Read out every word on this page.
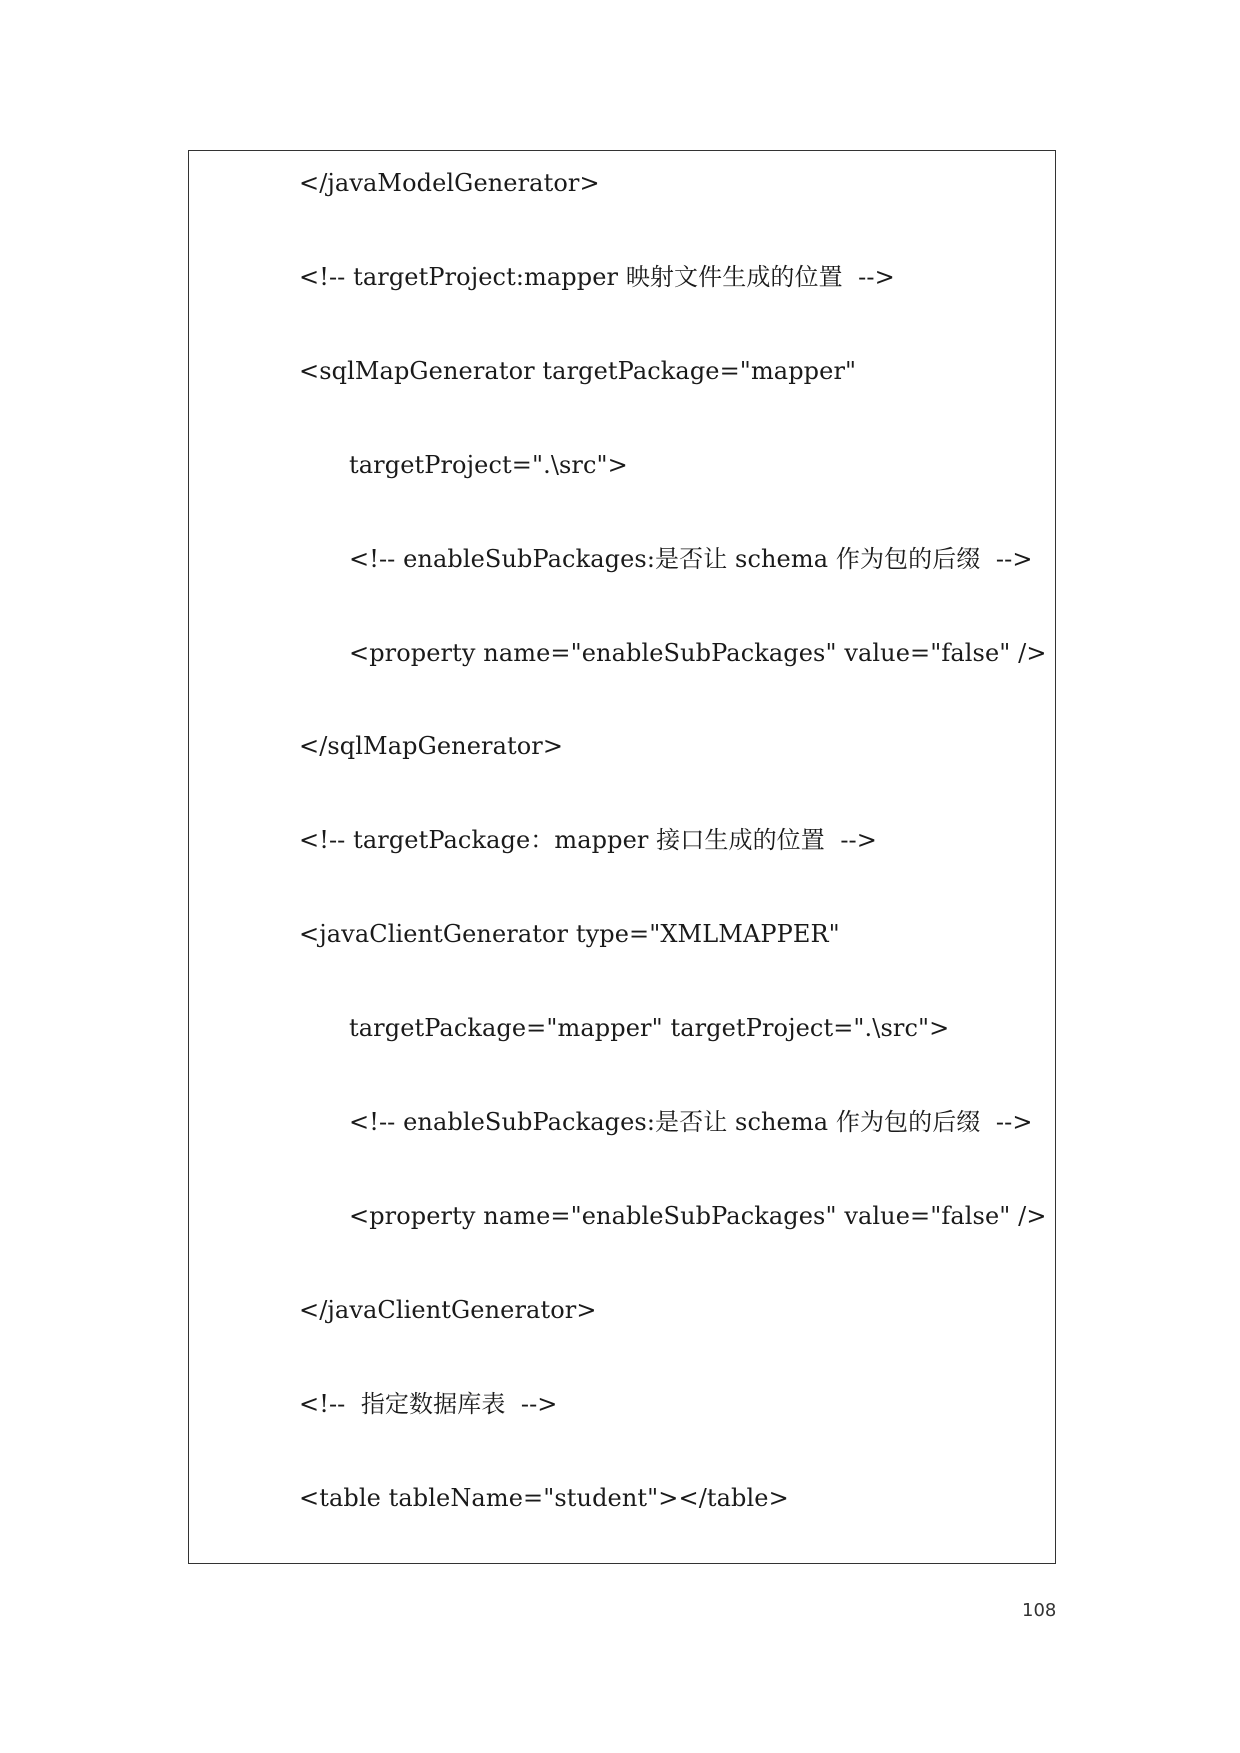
</javaModelGenerator>

<!-- targetProject:mapper 映射文件生成的位置  -->

<sqlMapGenerator targetPackage="mapper"

targetProject=".\src">

<!-- enableSubPackages:是否让 schema 作为包的后缀  -->

<property name="enableSubPackages" value="false" />

</sqlMapGenerator>

<!-- targetPackage：mapper 接口生成的位置  -->

<javaClientGenerator type="XMLMAPPER"

targetPackage="mapper" targetProject=".\src">

<!-- enableSubPackages:是否让 schema 作为包的后缀  -->

<property name="enableSubPackages" value="false" />

</javaClientGenerator>

<!--  指定数据库表  -->

<table tableName="student"></table>

108
